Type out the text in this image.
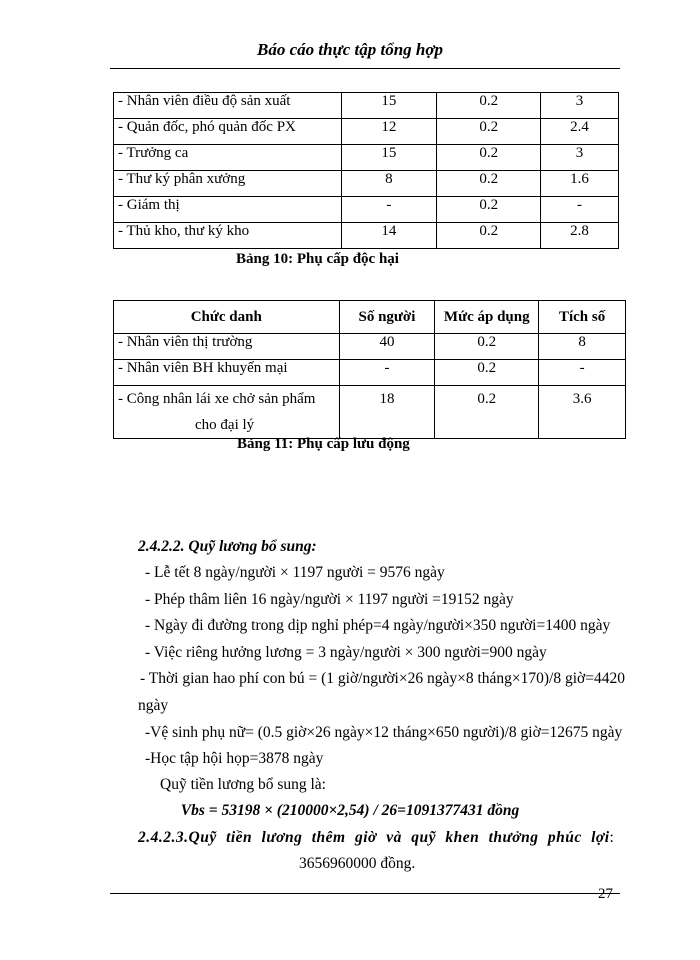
Báo cáo thực tập tổng hợp
- Nhân viên điều độ sản xuất	15	0.2	3
- Quản đốc, phó quản đốc PX	12	0.2	2.4
- Trưởng ca	15	0.2	3
- Thư ký phân xưởng	8	0.2	1.6
- Giám thị	-	0.2	-
- Thủ kho, thư ký kho	14	0.2	2.8
Bảng 10: Phụ cấp độc hại
Chức danh	Số người	Mức áp dụng	Tích số
- Nhân viên thị trường	40	0.2	8
- Nhân viên BH khuyến mại	-	0.2	-
- Công nhân lái xe chở sản phẩm
cho đại lý	18	0.2	3.6
Bảng 11: Phụ cấp lưu động
2.4.2.2. Quỹ lương bổ sung:
- Lễ tết 8 ngày/người × 1197 người = 9576 ngày
- Phép thâm liên 16 ngày/người × 1197 người =19152 ngày
- Ngày đi đường trong dịp nghỉ phép=4 ngày/người×350 người=1400 ngày
- Việc riêng hưởng lương = 3 ngày/người × 300 người=900 ngày
- Thời gian hao phí con bú = (1 giờ/người×26 ngày×8 tháng×170)/8 giờ=4420
ngày
-Vệ sinh phụ nữ= (0.5 giờ×26 ngày×12 tháng×650 người)/8 giờ=12675 ngày
-Học tập hội họp=3878 ngày
Quỹ tiền lương bổ sung là:
Vbs = 53198 × (210000×2,54) / 26=1091377431 đồng
2.4.2.3.Quỹ tiền lương thêm giờ và quỹ khen thưởng phúc lợi:
3656960000 đồng.
27
